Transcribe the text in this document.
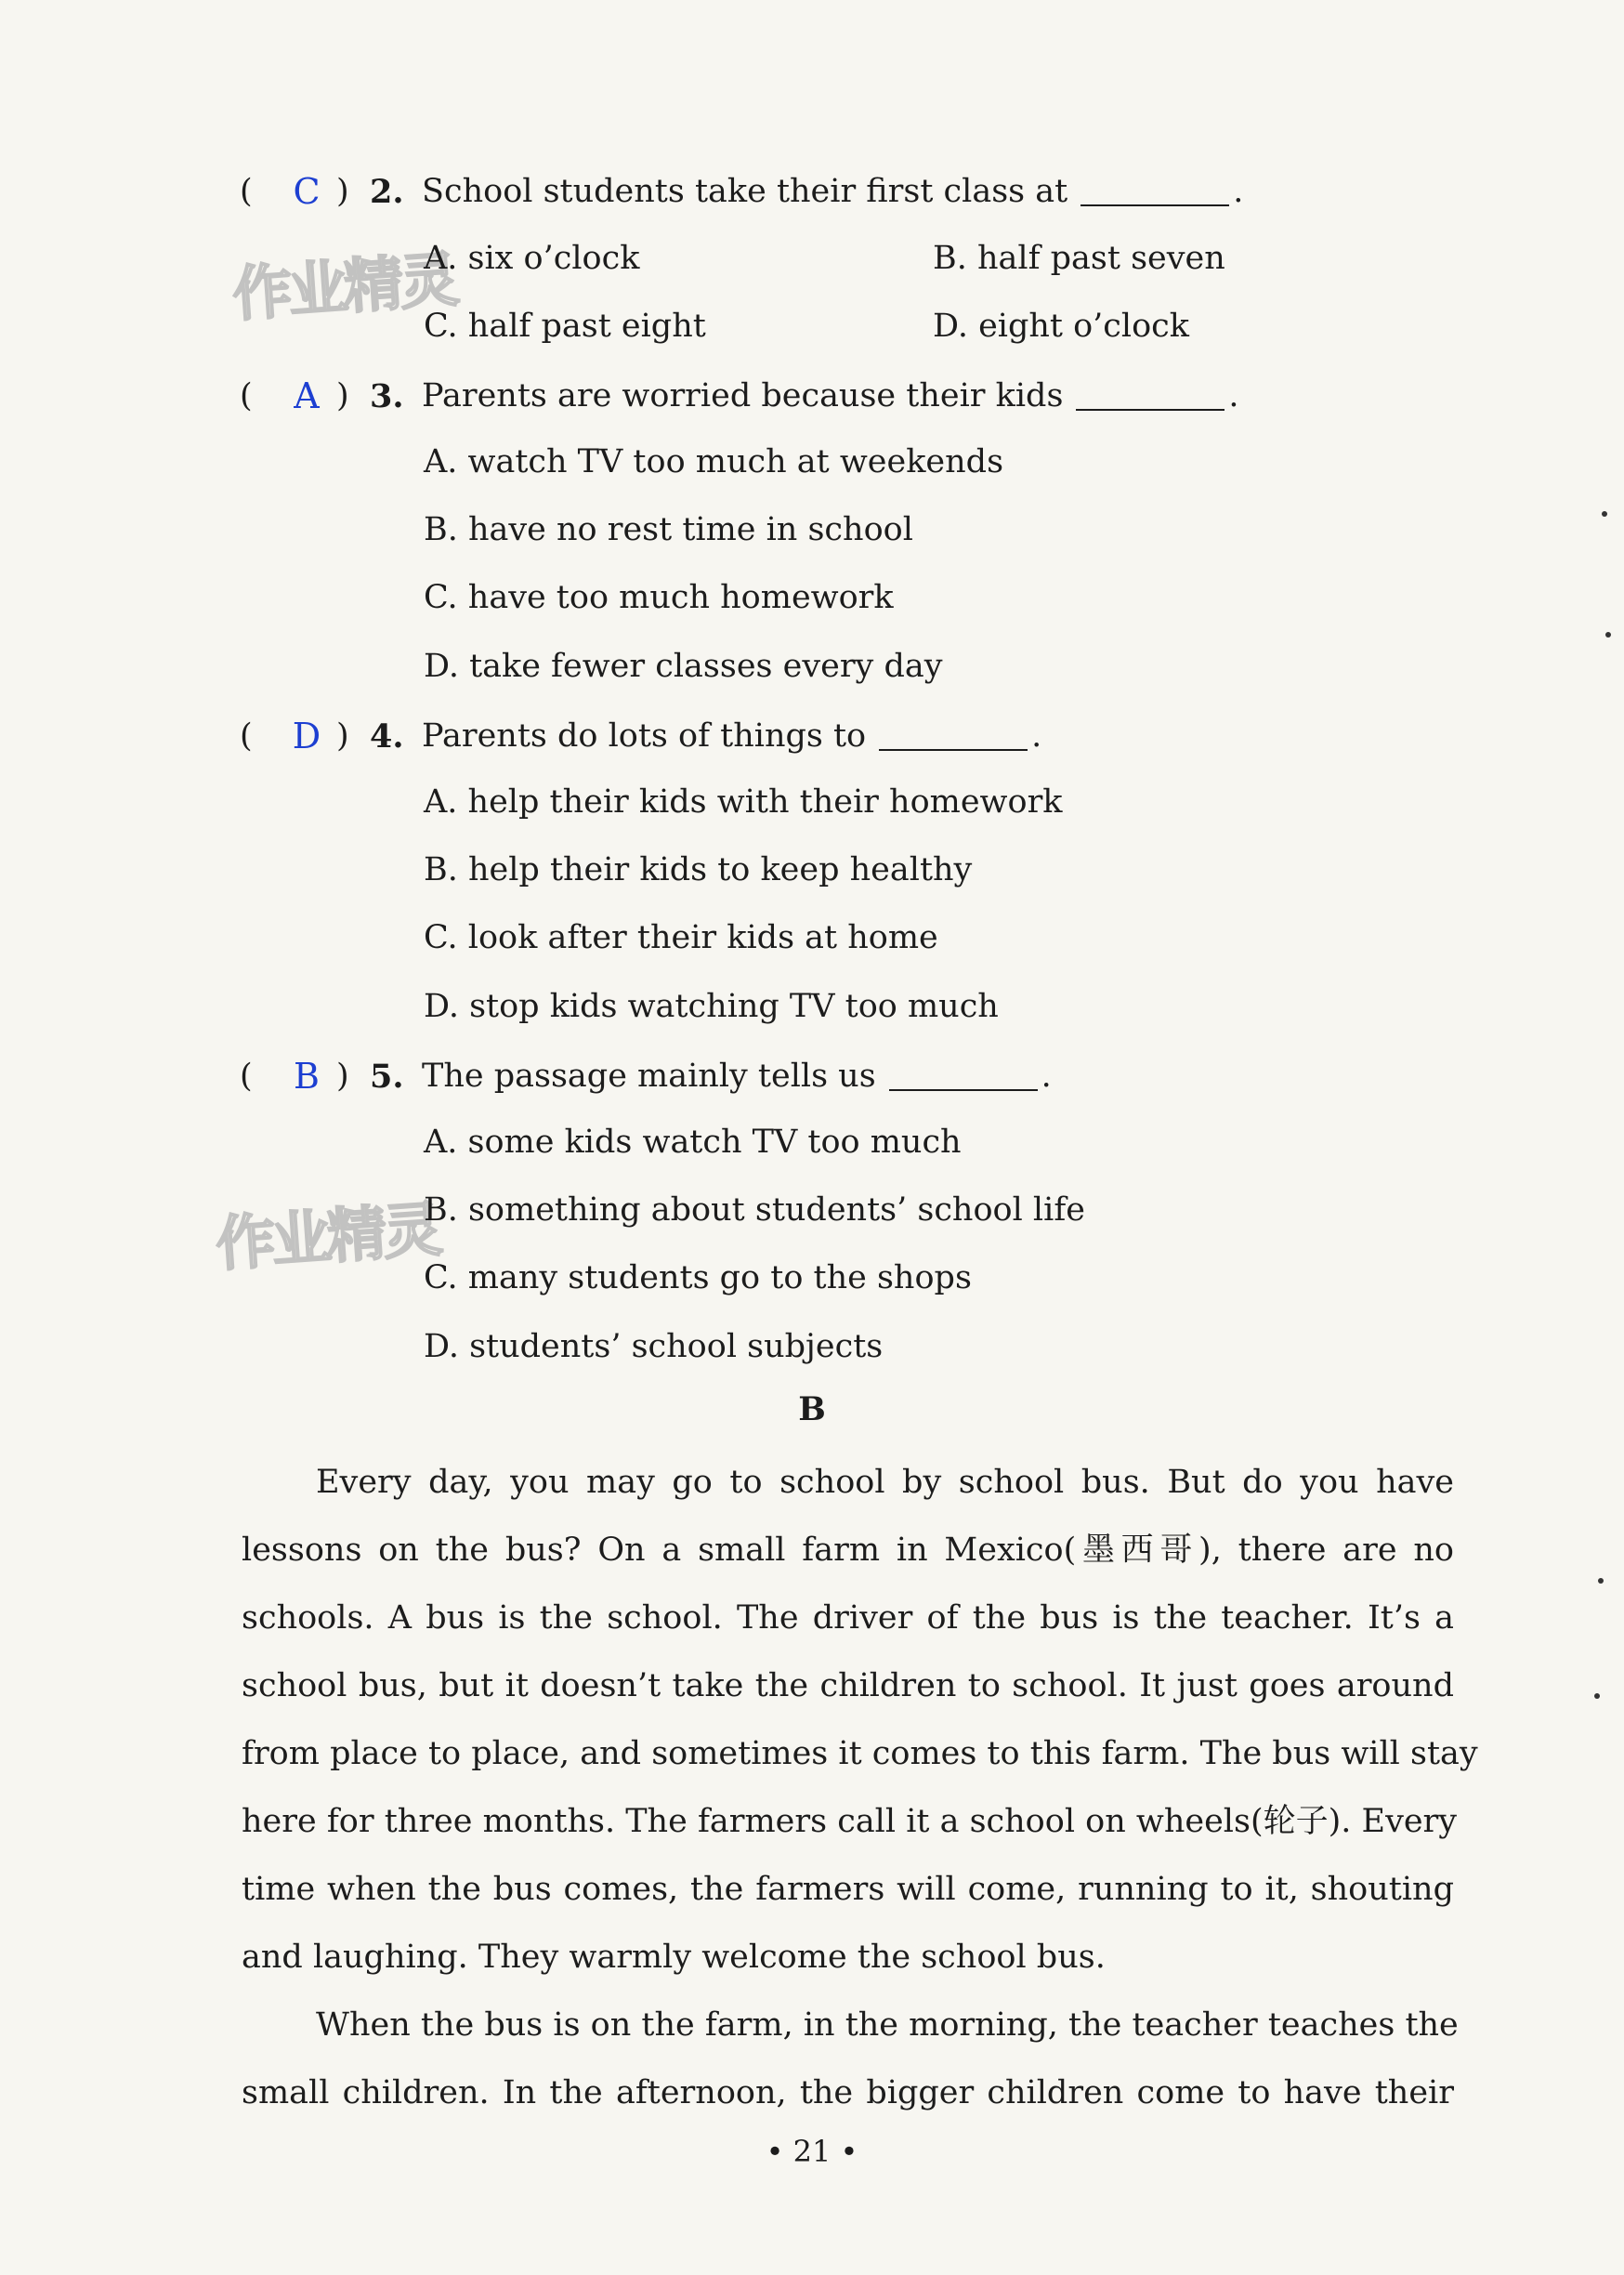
作业精灵
作业精灵
(	C ) 2. School students take their first class at	.
A. six o’clock	B. half past seven
C. half past eight	D. eight o’clock
(	A ) 3. Parents are worried because their kids	.
A. watch TV too much at weekends
B. have no rest time in school
C. have too much homework
D. take fewer classes every day
(	D ) 4. Parents do lots of things to	.
A. help their kids with their homework
B. help their kids to keep healthy
C. look after their kids at home
D. stop kids watching TV too much
(	B ) 5. The passage mainly tells us	.
A. some kids watch TV too much
B. something about students’ school life
C. many students go to the shops
D. students’ school subjects
B
Every day, you may go to school by school bus. But do you have
lessons on the bus? On a small farm in Mexico(墨西哥), there are no
schools. A bus is the school. The driver of the bus is the teacher. It’s a
school bus, but it doesn’t take the children to school. It just goes around
from place to place, and sometimes it comes to this farm. The bus will stay
here for three months. The farmers call it a school on wheels(轮子). Every
time when the bus comes, the farmers will come, running to it, shouting
and laughing. They warmly welcome the school bus.
When the bus is on the farm, in the morning, the teacher teaches the
small children. In the afternoon, the bigger children come to have their
• 21 •
